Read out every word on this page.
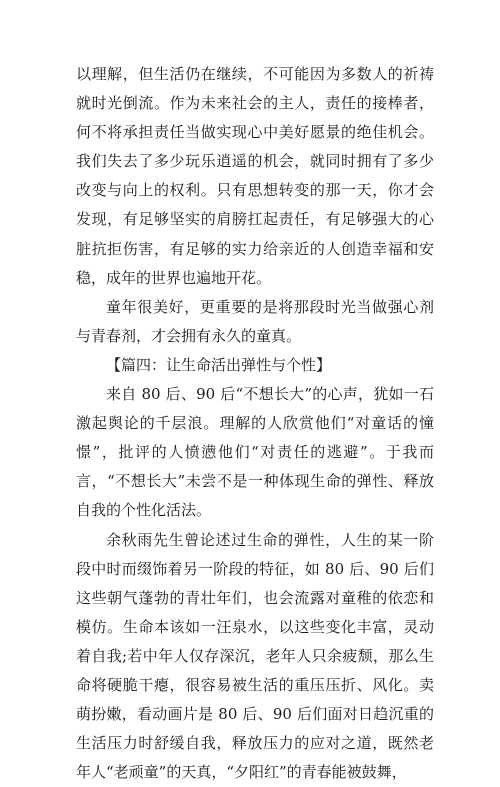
以理解，但生活仍在继续，不可能因为多数人的祈祷就时光倒流。作为未来社会的主人，责任的接棒者，何不将承担责任当做实现心中美好愿景的绝佳机会。我们失去了多少玩乐逍遥的机会，就同时拥有了多少改变与向上的权利。只有思想转变的那一天，你才会发现，有足够坚实的肩膀扛起责任，有足够强大的心脏抗拒伤害，有足够的实力给亲近的人创造幸福和安稳，成年的世界也遍地开花。

童年很美好，更重要的是将那段时光当做强心剂与青春剂，才会拥有永久的童真。

【篇四：让生命活出弹性与个性】

来自 80 后、90 后“不想长大”的心声，犹如一石激起舆论的千层浪。理解的人欣赏他们“对童话的憧憬”，批评的人愤懑他们“对责任的逃避”。于我而言，“不想长大”未尝不是一种体现生命的弹性、释放自我的个性化活法。

余秋雨先生曾论述过生命的弹性，人生的某一阶段中时而缀饰着另一阶段的特征，如 80 后、90 后们这些朝气蓬勃的青壮年们，也会流露对童稚的依恋和模仿。生命本该如一汪泉水，以这些变化丰富，灵动着自我;若中年人仅存深沉，老年人只余疲颓，那么生命将硬脆干瘪，很容易被生活的重压压折、风化。卖萌扮嫩，看动画片是 80 后、90 后们面对日趋沉重的生活压力时舒缓自我，释放压力的应对之道，既然老年人“老顽童”的天真，“夕阳红”的青春能被鼓舞，
